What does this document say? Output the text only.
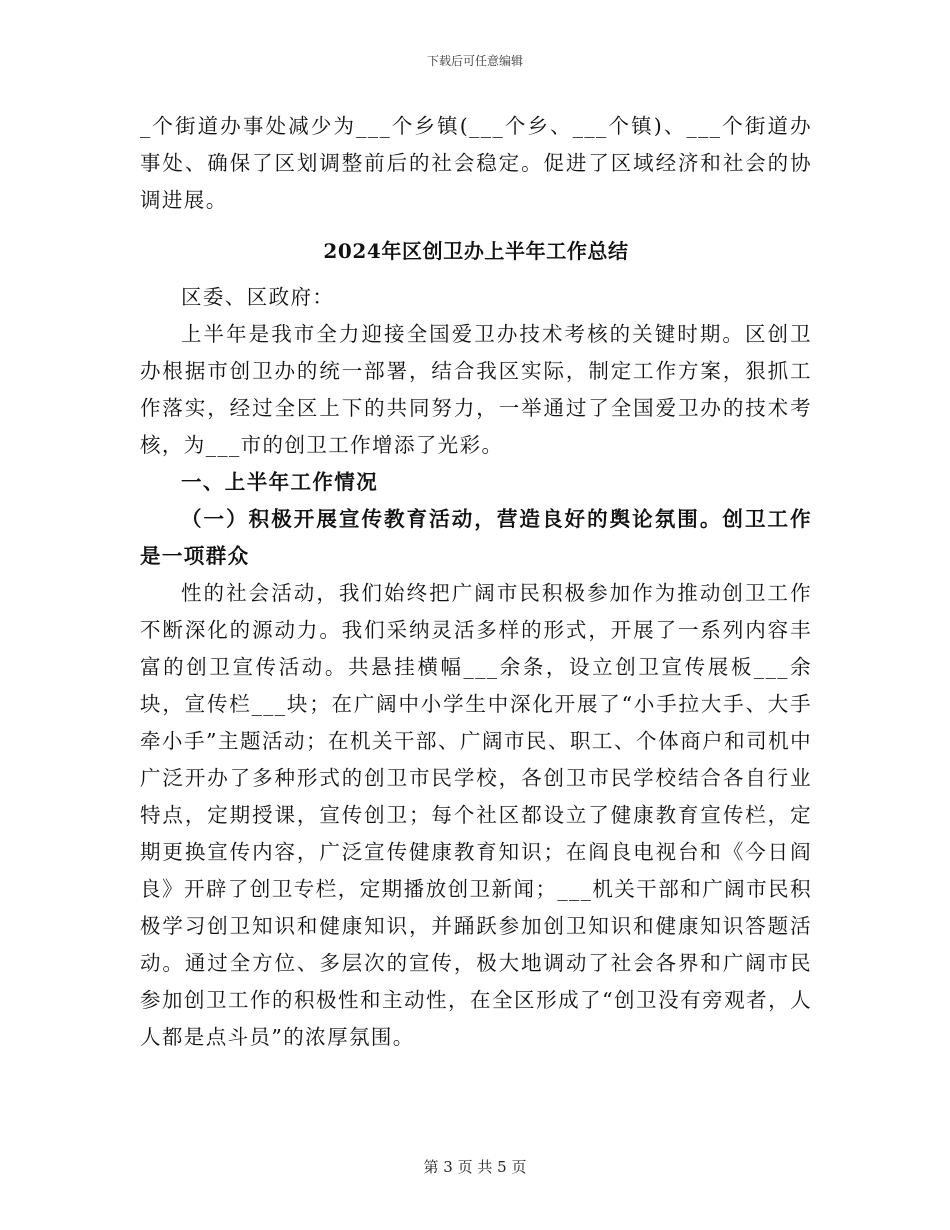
下载后可任意编辑

_个街道办事处减少为___个乡镇(___个乡、___个镇)、___个街道办事处、确保了区划调整前后的社会稳定。促进了区域经济和社会的协调进展。

2024年区创卫办上半年工作总结

区委、区政府：

上半年是我市全力迎接全国爱卫办技术考核的关键时期。区创卫办根据市创卫办的统一部署，结合我区实际，制定工作方案，狠抓工作落实，经过全区上下的共同努力，一举通过了全国爱卫办的技术考核，为___市的创卫工作增添了光彩。

一、上半年工作情况

（一）积极开展宣传教育活动，营造良好的舆论氛围。创卫工作是一项群众

性的社会活动，我们始终把广阔市民积极参加作为推动创卫工作不断深化的源动力。我们采纳灵活多样的形式，开展了一系列内容丰富的创卫宣传活动。共悬挂横幅___余条，设立创卫宣传展板___余块，宣传栏___块；在广阔中小学生中深化开展了“小手拉大手、大手牵小手”主题活动；在机关干部、广阔市民、职工、个体商户和司机中广泛开办了多种形式的创卫市民学校，各创卫市民学校结合各自行业特点，定期授课，宣传创卫；每个社区都设立了健康教育宣传栏，定期更换宣传内容，广泛宣传健康教育知识；在阎良电视台和《今日阎良》开辟了创卫专栏，定期播放创卫新闻；___机关干部和广阔市民积极学习创卫知识和健康知识，并踊跃参加创卫知识和健康知识答题活动。通过全方位、多层次的宣传，极大地调动了社会各界和广阔市民参加创卫工作的积极性和主动性，在全区形成了“创卫没有旁观者，人人都是点斗员”的浓厚氛围。

第 3 页 共 5 页
